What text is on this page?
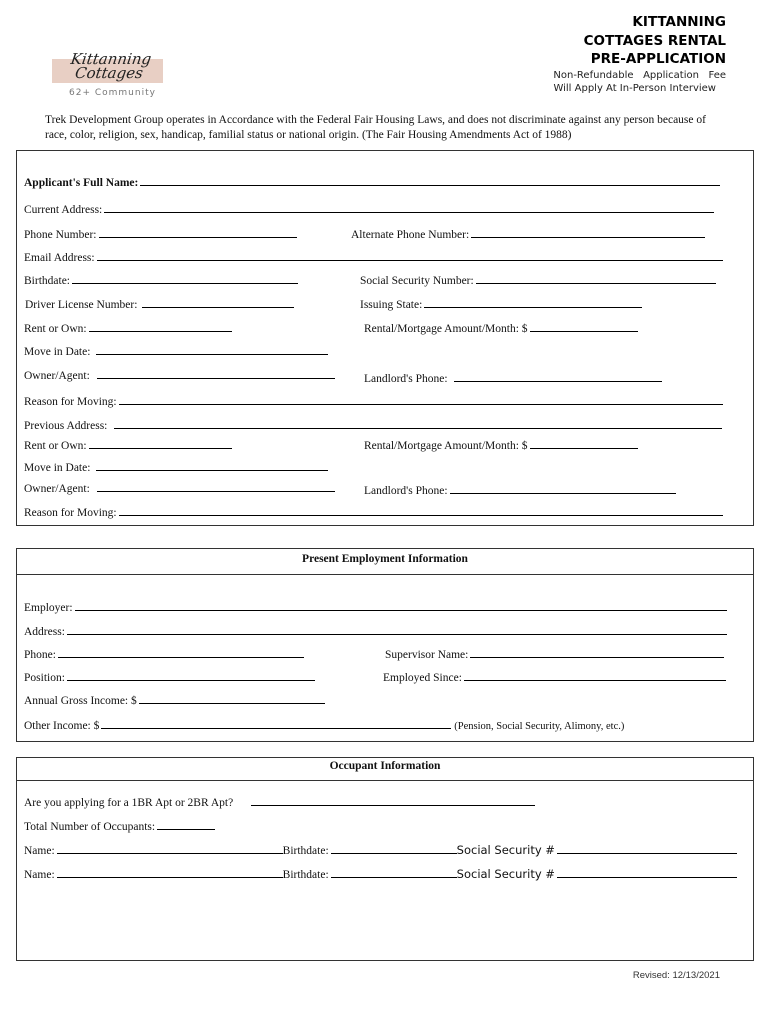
Kittanning
Cottages
62+ Community
KITTANNING
COTTAGES RENTAL
PRE-APPLICATION
Non-Refundable   Application   Fee
Will Apply At In-Person Interview
Trek Development Group operates in Accordance with the Federal Fair Housing Laws, and does not discriminate against any person because of race, color, religion, sex, handicap, familial status or national origin. (The Fair Housing Amendments Act of 1988)
Applicant's Full Name:
Current Address:
Phone Number:	Alternate Phone Number:
Email Address:
Birthdate:	Social Security Number:
Driver License Number:	Issuing State:
Rent or Own:	Rental/Mortgage Amount/Month: $
Move in Date:
Owner/Agent:	Landlord's Phone:
Reason for Moving:
Previous Address:
Rent or Own:	Rental/Mortgage Amount/Month: $
Move in Date:
Owner/Agent:	Landlord's Phone:
Reason for Moving:
Present Employment Information
Employer:
Address:
Phone:	Supervisor Name:
Position:	Employed Since:
Annual Gross Income: $
Other Income: $	(Pension, Social Security, Alimony, etc.)
Occupant Information
Are you applying for a 1BR Apt or 2BR Apt?
Total Number of Occupants:
Name:	Birthdate:	Social Security #
Name:	Birthdate:	Social Security #
Revised: 12/13/2021
